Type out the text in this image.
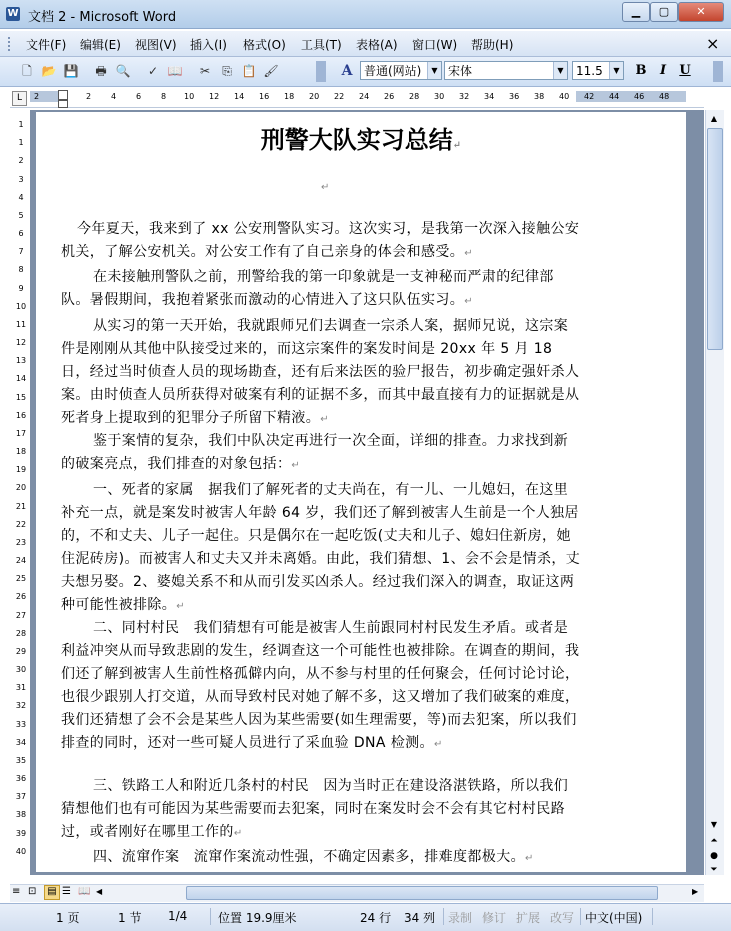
W 文档 2 - Microsoft Word	▁	▢	✕
文件(F) 编辑(E) 视图(V) 插入(I) 格式(O) 工具(T) 表格(A) 窗口(W) 帮助(H)	×
🗋 📂 💾 🖶 🔍	✓ 📖	✂	⎘ 📋 🖌	A 普通(网站)	▼ 宋体	▼	11.5	▼ B	I	U
L	2	2 4 6 8 10 12 14 16 18 20 22 24 26 28 30 32 34 36 38 40 42 44 46 48
1
1
2
3
4
5
6
7
8
9
10
11
12
13
14
15
16
17
18
19
20
21
22
23
24
25
26
27
28
29
30
31
32
33
34
35
36
37
38
39
40
刑警大队实习总结↵
↵
今年夏天，我来到了 xx 公安刑警队实习。这次实习，是我第一次深入接触公安机关，了解公安机关。对公安工作有了自己亲身的体会和感受。↵
在未接触刑警队之前，刑警给我的第一印象就是一支神秘而严肃的纪律部队。暑假期间，我抱着紧张而激动的心情进入了这只队伍实习。↵
从实习的第一天开始，我就跟师兄们去调查一宗杀人案，据师兄说，这宗案件是刚刚从其他中队接受过来的，而这宗案件的案发时间是 20xx 年 5 月 18 日，经过当时侦查人员的现场勘查，还有后来法医的验尸报告，初步确定强奸杀人案。由时侦查人员所获得对破案有利的证据不多，而其中最直接有力的证据就是从死者身上提取到的犯罪分子所留下精液。↵
鉴于案情的复杂，我们中队决定再进行一次全面，详细的排查。力求找到新的破案亮点，我们排查的对象包括：↵
一、死者的家属　据我们了解死者的丈夫尚在，有一儿、一儿媳妇，在这里补充一点，就是案发时被害人年龄 64 岁，我们还了解到被害人生前是一个人独居的，不和丈夫、儿子一起住。只是偶尔在一起吃饭(丈夫和儿子、媳妇住新房，她住泥砖房)。而被害人和丈夫又并未离婚。由此，我们猜想、1、会不会是情杀，丈夫想另娶。2、婆媳关系不和从而引发买凶杀人。经过我们深入的调查，取证这两种可能性被排除。↵
二、同村村民　我们猜想有可能是被害人生前跟同村村民发生矛盾。或者是利益冲突从而导致悲剧的发生，经调查这一个可能性也被排除。在调查的期间，我们还了解到被害人生前性格孤僻内向，从不参与村里的任何聚会，任何讨论讨论，也很少跟别人打交道，从而导致村民对她了解不多，这又增加了我们破案的难度，我们还猜想了会不会是某些人因为某些需要(如生理需要，等)而去犯案，所以我们排查的同时，还对一些可疑人员进行了采血验 DNA 检测。↵
三、铁路工人和附近几条村的村民　因为当时正在建设洛湛铁路，所以我们猜想他们也有可能因为某些需要而去犯案，同时在案发时会不会有其它村村民路过，或者刚好在哪里工作的↵
四、流窜作案　流窜作案流动性强，不确定因素多，排难度都极大。↵
▲
▼
⏶
●
⏷
≡ ⊡	▤ ☰ 📖 ◀	▶
1 页	1 节 1/4	位置 19.9厘米	24 行 34 列 录制 修订 扩展 改写 中文(中国)
